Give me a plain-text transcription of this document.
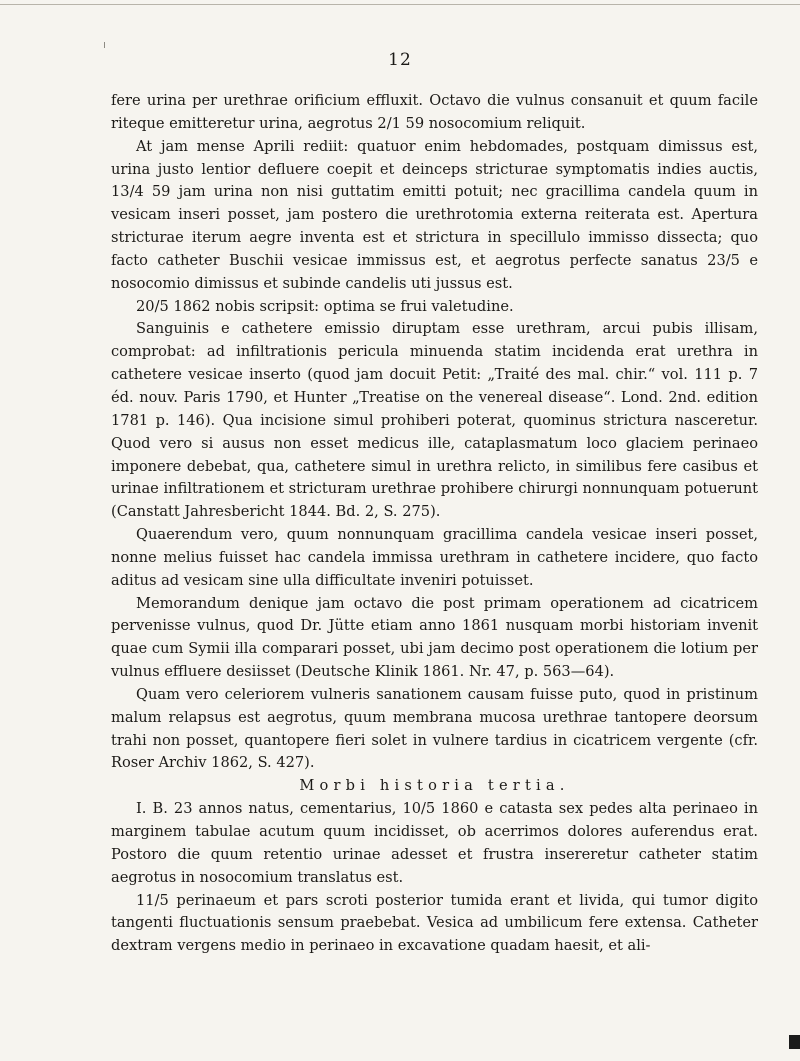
12

fere urina per urethrae orificium effluxit. Octavo die vulnus consanuit et quum facile riteque emitteretur urina, aegrotus 2/1 59 nosocomium reliquit.

At jam mense Aprili rediit: quatuor enim hebdomades, postquam dimissus est, urina justo lentior defluere coepit et deinceps stricturae symptomatis indies auctis, 13/4 59 jam urina non nisi guttatim emitti potuit; nec gracillima candela quum in vesicam inseri posset, jam postero die urethrotomia externa reiterata est. Apertura stricturae iterum aegre inventa est et strictura in specillulo immisso dissecta; quo facto catheter Buschii vesicae immissus est, et aegrotus perfecte sanatus 23/5 e nosocomio dimissus et subinde candelis uti jussus est.

20/5 1862 nobis scripsit: optima se frui valetudine.

Sanguinis e cathetere emissio diruptam esse urethram, arcui pubis illisam, comprobat: ad infiltrationis pericula minuenda statim incidenda erat urethra in cathetere vesicae inserto (quod jam docuit Petit: „Traité des mal. chir.“ vol. 111 p. 7 éd. nouv. Paris 1790, et Hunter „Treatise on the venereal disease“. Lond. 2nd. edition 1781 p. 146). Qua incisione simul prohiberi poterat, quominus strictura nasceretur. Quod vero si ausus non esset medicus ille, cataplasmatum loco glaciem perinaeo imponere debebat, qua, cathetere simul in urethra relicto, in similibus fere casibus et urinae infiltrationem et stricturam urethrae prohibere chirurgi nonnunquam potuerunt (Canstatt Jahresbericht 1844. Bd. 2, S. 275).

Quaerendum vero, quum nonnunquam gracillima candela vesicae inseri posset, nonne melius fuisset hac candela immissa urethram in cathetere incidere, quo facto aditus ad vesicam sine ulla difficultate inveniri potuisset.

Memorandum denique jam octavo die post primam operationem ad cicatricem pervenisse vulnus, quod Dr. Jütte etiam anno 1861 nusquam morbi historiam invenit quae cum Symii illa comparari posset, ubi jam decimo post operationem die lotium per vulnus effluere desiisset (Deutsche Klinik 1861. Nr. 47, p. 563—64).

Quam vero celeriorem vulneris sanationem causam fuisse puto, quod in pristinum malum relapsus est aegrotus, quum membrana mucosa urethrae tantopere deorsum trahi non posset, quantopere fieri solet in vulnere tardius in cicatricem vergente (cfr. Roser Archiv 1862, S. 427).

Morbi historia tertia.

I. B. 23 annos natus, cementarius, 10/5 1860 e catasta sex pedes alta perinaeo in marginem tabulae acutum quum incidisset, ob acerrimos dolores auferendus erat. Postoro die quum retentio urinae adesset et frustra insereretur catheter statim aegrotus in nosocomium translatus est.

11/5 perinaeum et pars scroti posterior tumida erant et livida, qui tumor digito tangenti fluctuationis sensum praebebat. Vesica ad umbilicum fere extensa. Catheter dextram vergens medio in perinaeo in excavatione quadam haesit, et ali-
